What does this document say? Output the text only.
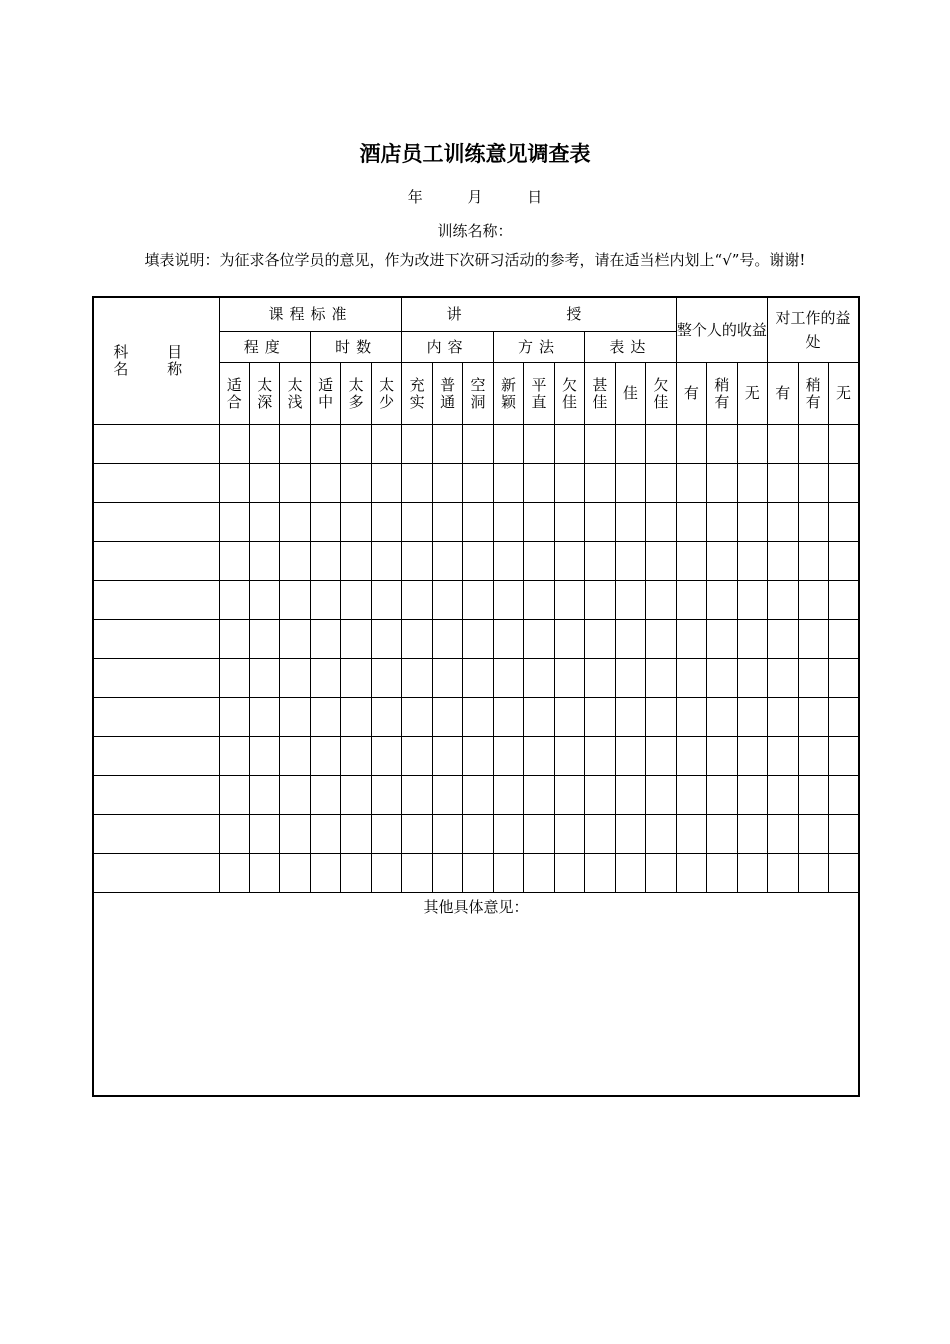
酒店员工训练意见调查表
年	月	日
训练名称：
填表说明：为征求各位学员的意见，作为改进下次研习活动的参考，请在适当栏内划上“√”号。谢谢!
科 目 名 称	课程标准						讲 授									整个人的收益			对工作的益处		
	程度			时数			内容			方法			表达								
	适合	太深	太浅	适中	太多	太少	充实	普通	空洞	新颖	平直	欠佳	甚佳	佳	欠佳	有	稍有	无	有	稍有	无

其他具体意见：																					
